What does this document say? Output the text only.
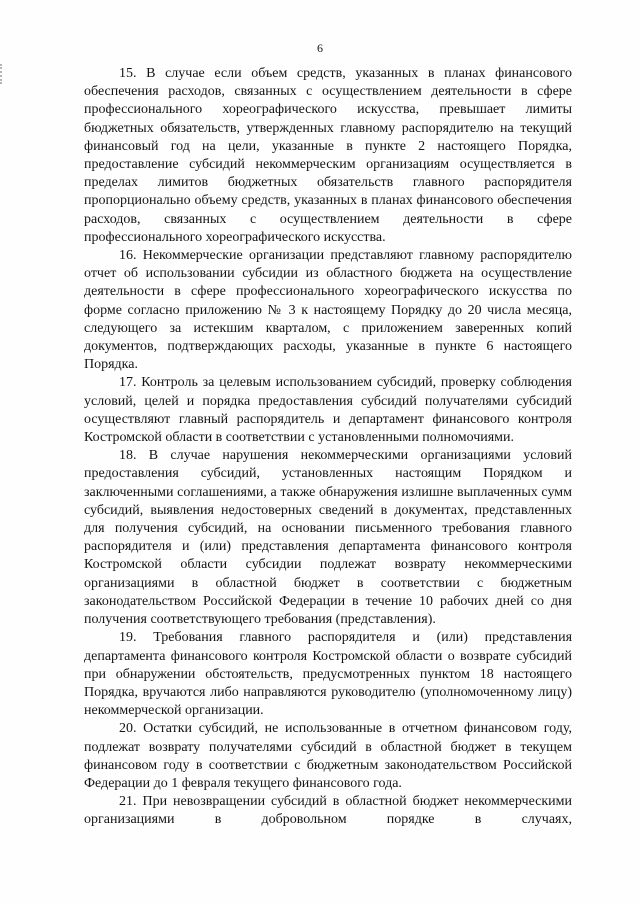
6

15. В случае если объем средств, указанных в планах финансового обеспечения расходов, связанных с осуществлением деятельности в сфере профессионального хореографического искусства, превышает лимиты бюджетных обязательств, утвержденных главному распорядителю на текущий финансовый год на цели, указанные в пункте 2 настоящего Порядка, предоставление субсидий некоммерческим организациям осуществляется в пределах лимитов бюджетных обязательств главного распорядителя пропорционально объему средств, указанных в планах финансового обеспечения расходов, связанных с осуществлением деятельности в сфере профессионального хореографического искусства.

16. Некоммерческие организации представляют главному распорядителю отчет об использовании субсидии из областного бюджета на осуществление деятельности в сфере профессионального хореографического искусства по форме согласно приложению № 3 к настоящему Порядку до 20 числа месяца, следующего за истекшим кварталом, с приложением заверенных копий документов, подтверждающих расходы, указанные в пункте 6 настоящего Порядка.

17. Контроль за целевым использованием субсидий, проверку соблюдения условий, целей и порядка предоставления субсидий получателями субсидий осуществляют главный распорядитель и департамент финансового контроля Костромской области в соответствии с установленными полномочиями.

18. В случае нарушения некоммерческими организациями условий предоставления субсидий, установленных настоящим Порядком и заключенными соглашениями, а также обнаружения излишне выплаченных сумм субсидий, выявления недостоверных сведений в документах, представленных для получения субсидий, на основании письменного требования главного распорядителя и (или) представления департамента финансового контроля Костромской области субсидии подлежат возврату некоммерческими организациями в областной бюджет в соответствии с бюджетным законодательством Российской Федерации в течение 10 рабочих дней со дня получения соответствующего требования (представления).

19. Требования главного распорядителя и (или) представления департамента финансового контроля Костромской области о возврате субсидий при обнаружении обстоятельств, предусмотренных пунктом 18 настоящего Порядка, вручаются либо направляются руководителю (уполномоченному лицу) некоммерческой организации.

20. Остатки субсидий, не использованные в отчетном финансовом году, подлежат возврату получателями субсидий в областной бюджет в текущем финансовом году в соответствии с бюджетным законодательством Российской Федерации до 1 февраля текущего финансового года.

21. При невозвращении субсидий в областной бюджет некоммерческими организациями в добровольном порядке в случаях,
